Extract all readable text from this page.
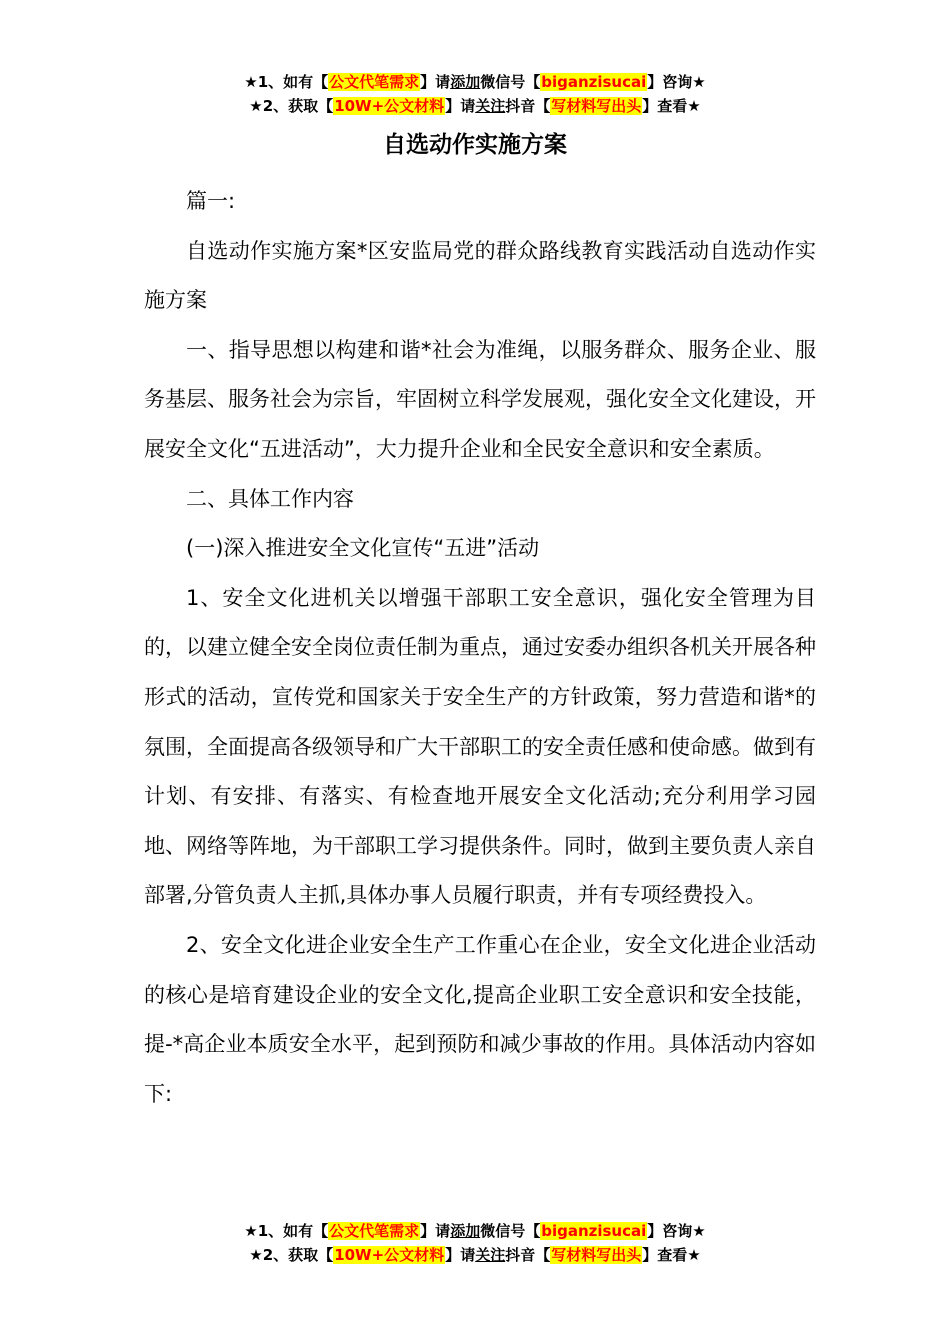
★1、如有【公文代笔需求】请添加微信号【biganzisucai】咨询★
★2、获取【10W+公文材料】请关注抖音【写材料写出头】查看★
自选动作实施方案

篇一:

自选动作实施方案*区安监局党的群众路线教育实践活动自选动作实施方案

一、指导思想以构建和谐*社会为准绳，以服务群众、服务企业、服务基层、服务社会为宗旨，牢固树立科学发展观，强化安全文化建设，开展安全文化“五进活动”，大力提升企业和全民安全意识和安全素质。

二、具体工作内容

(一)深入推进安全文化宣传“五进”活动

1、安全文化进机关以增强干部职工安全意识，强化安全管理为目的，以建立健全安全岗位责任制为重点，通过安委办组织各机关开展各种形式的活动，宣传党和国家关于安全生产的方针政策，努力营造和谐*的氛围，全面提高各级领导和广大干部职工的安全责任感和使命感。做到有计划、有安排、有落实、有检查地开展安全文化活动;充分利用学习园地、网络等阵地，为干部职工学习提供条件。同时，做到主要负责人亲自部署,分管负责人主抓,具体办事人员履行职责，并有专项经费投入。

2、安全文化进企业安全生产工作重心在企业，安全文化进企业活动的核心是培育建设企业的安全文化,提高企业职工安全意识和安全技能，提-*高企业本质安全水平，起到预防和减少事故的作用。具体活动内容如下:

★1、如有【公文代笔需求】请添加微信号【biganzisucai】咨询★
★2、获取【10W+公文材料】请关注抖音【写材料写出头】查看★
